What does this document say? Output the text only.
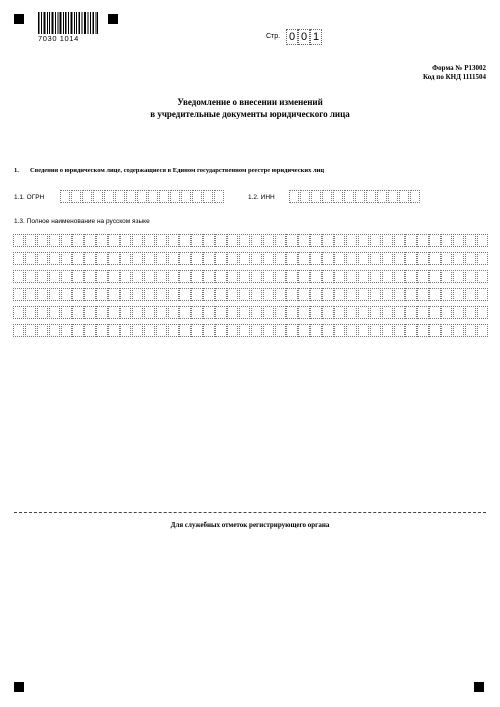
7030 1014	Стр. 0 0 1
Форма № Р13002
Код по КНД 1111504
Уведомление о внесении изменений
в учредительные документы юридического лица
1. Сведения о юридическом лице, содержащиеся в Едином государственном реестре юридических лиц
1.1. ОГРН	1.2. ИНН
1.3. Полное наименование на русском языке
Для служебных отметок регистрирующего органа
